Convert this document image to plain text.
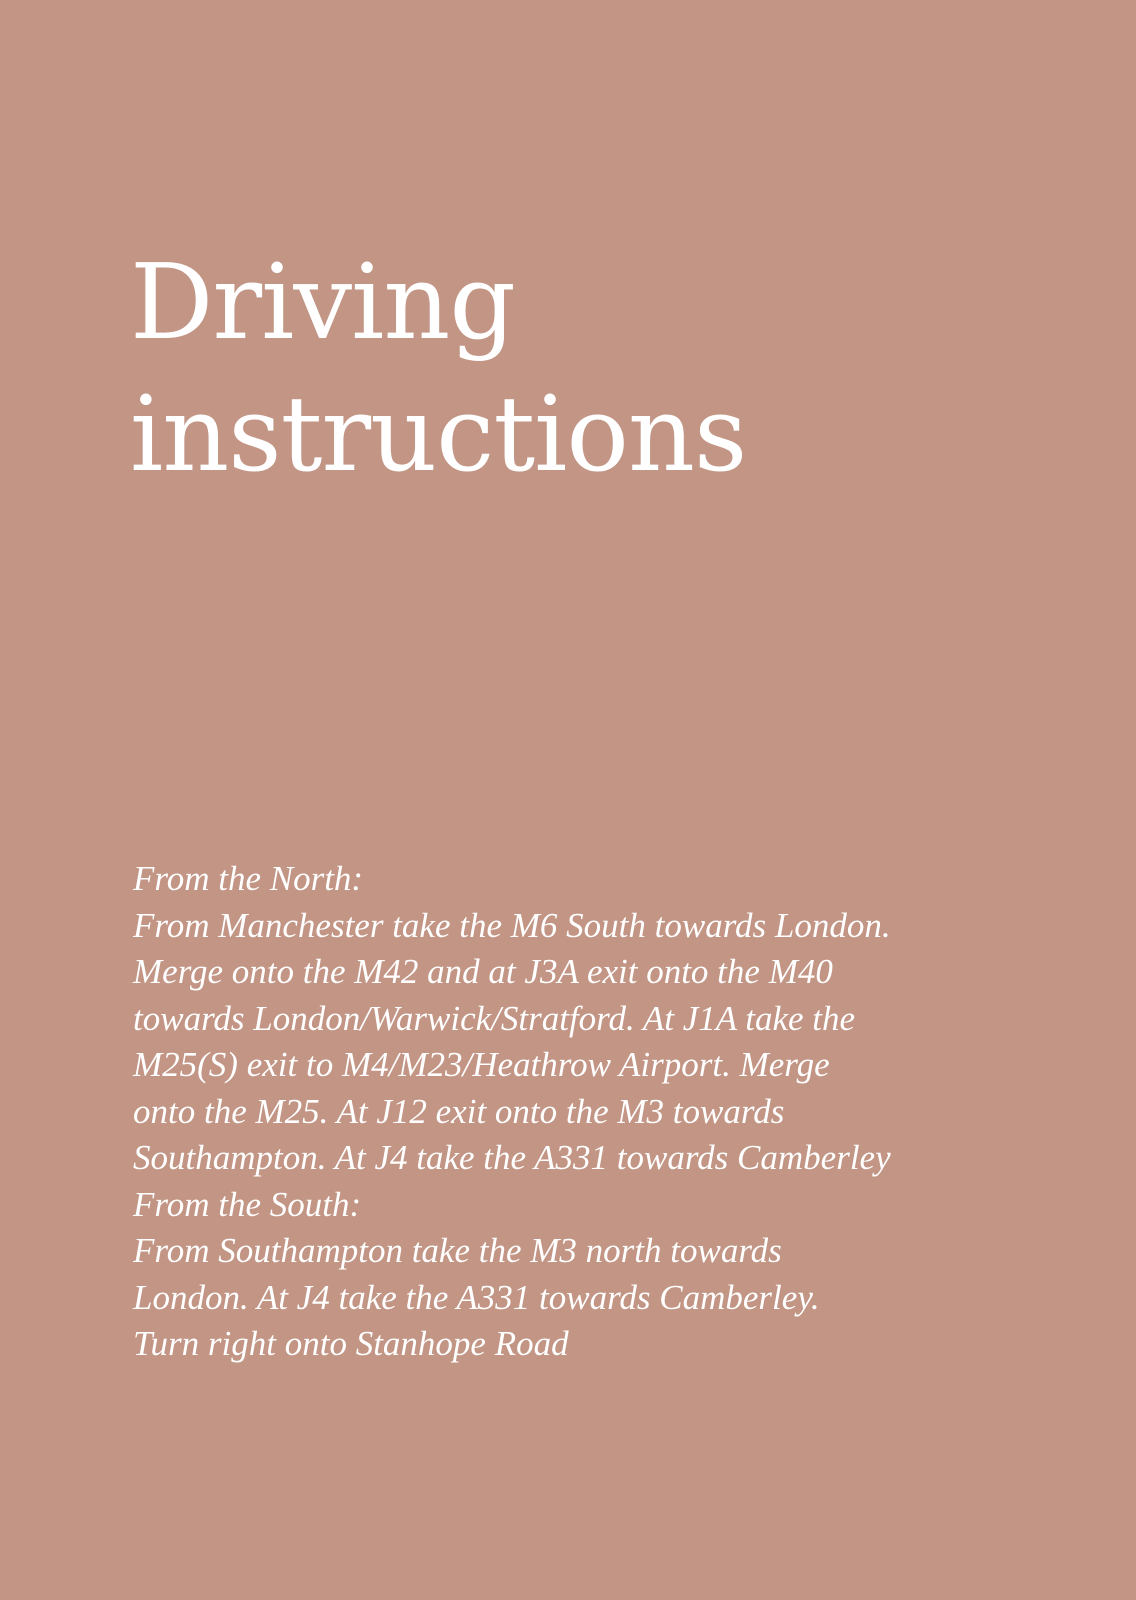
Driving
instructions

From the North:

From Manchester take the M6 South towards London. Merge onto the M42 and at J3A exit onto the M40 towards London/Warwick/Stratford. At J1A take the M25(S) exit to M4/M23/Heathrow Airport. Merge onto the M25. At J12 exit onto the M3 towards Southampton. At J4 take the A331 towards Camberley

From the South:

From Southampton take the M3 north towards London. At J4 take the A331 towards Camberley. Turn right onto Stanhope Road
